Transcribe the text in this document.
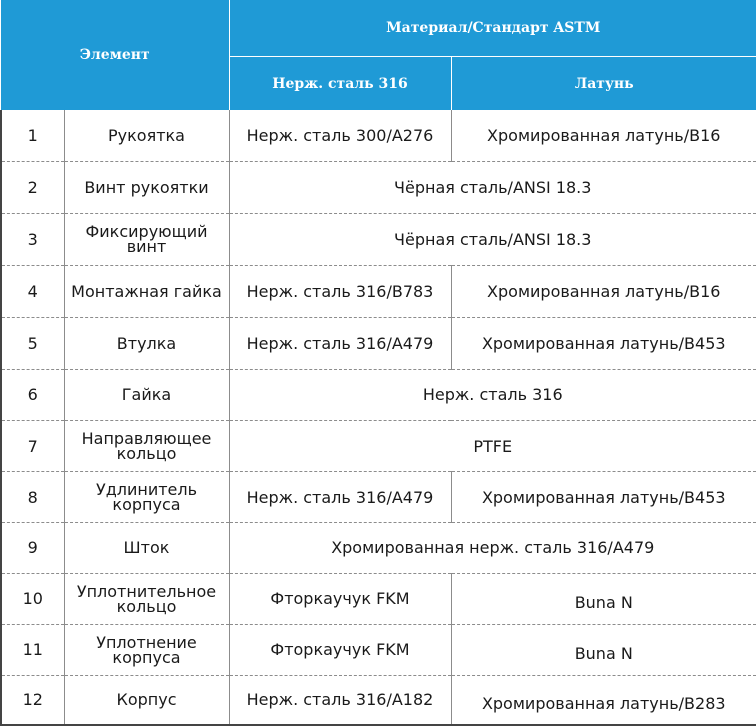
Элемент		Материал/Стандарт ASTM	
		Нерж. сталь 316	Латунь
1	Рукоятка	Нерж. сталь 300/A276	Хромированная латунь/B16
2	Винт рукоятки	Чёрная сталь/ANSI 18.3	
3	Фиксирующий винт	Чёрная сталь/ANSI 18.3	
4	Монтажная гайка	Нерж. сталь 316/B783	Хромированная латунь/B16
5	Втулка	Нерж. сталь 316/A479	Хромированная латунь/B453
6	Гайка	Нерж. сталь 316	
7	Направляющее кольцо	PTFE	
8	Удлинитель корпуса	Нерж. сталь 316/A479	Хромированная латунь/B453
9	Шток	Хромированная нерж. сталь 316/A479	
10	Уплотнительное кольцо	Фторкаучук FKM	Buna N
11	Уплотнение корпуса	Фторкаучук FKM	Buna N
12	Корпус	Нерж. сталь 316/A182	Хромированная латунь/B283
